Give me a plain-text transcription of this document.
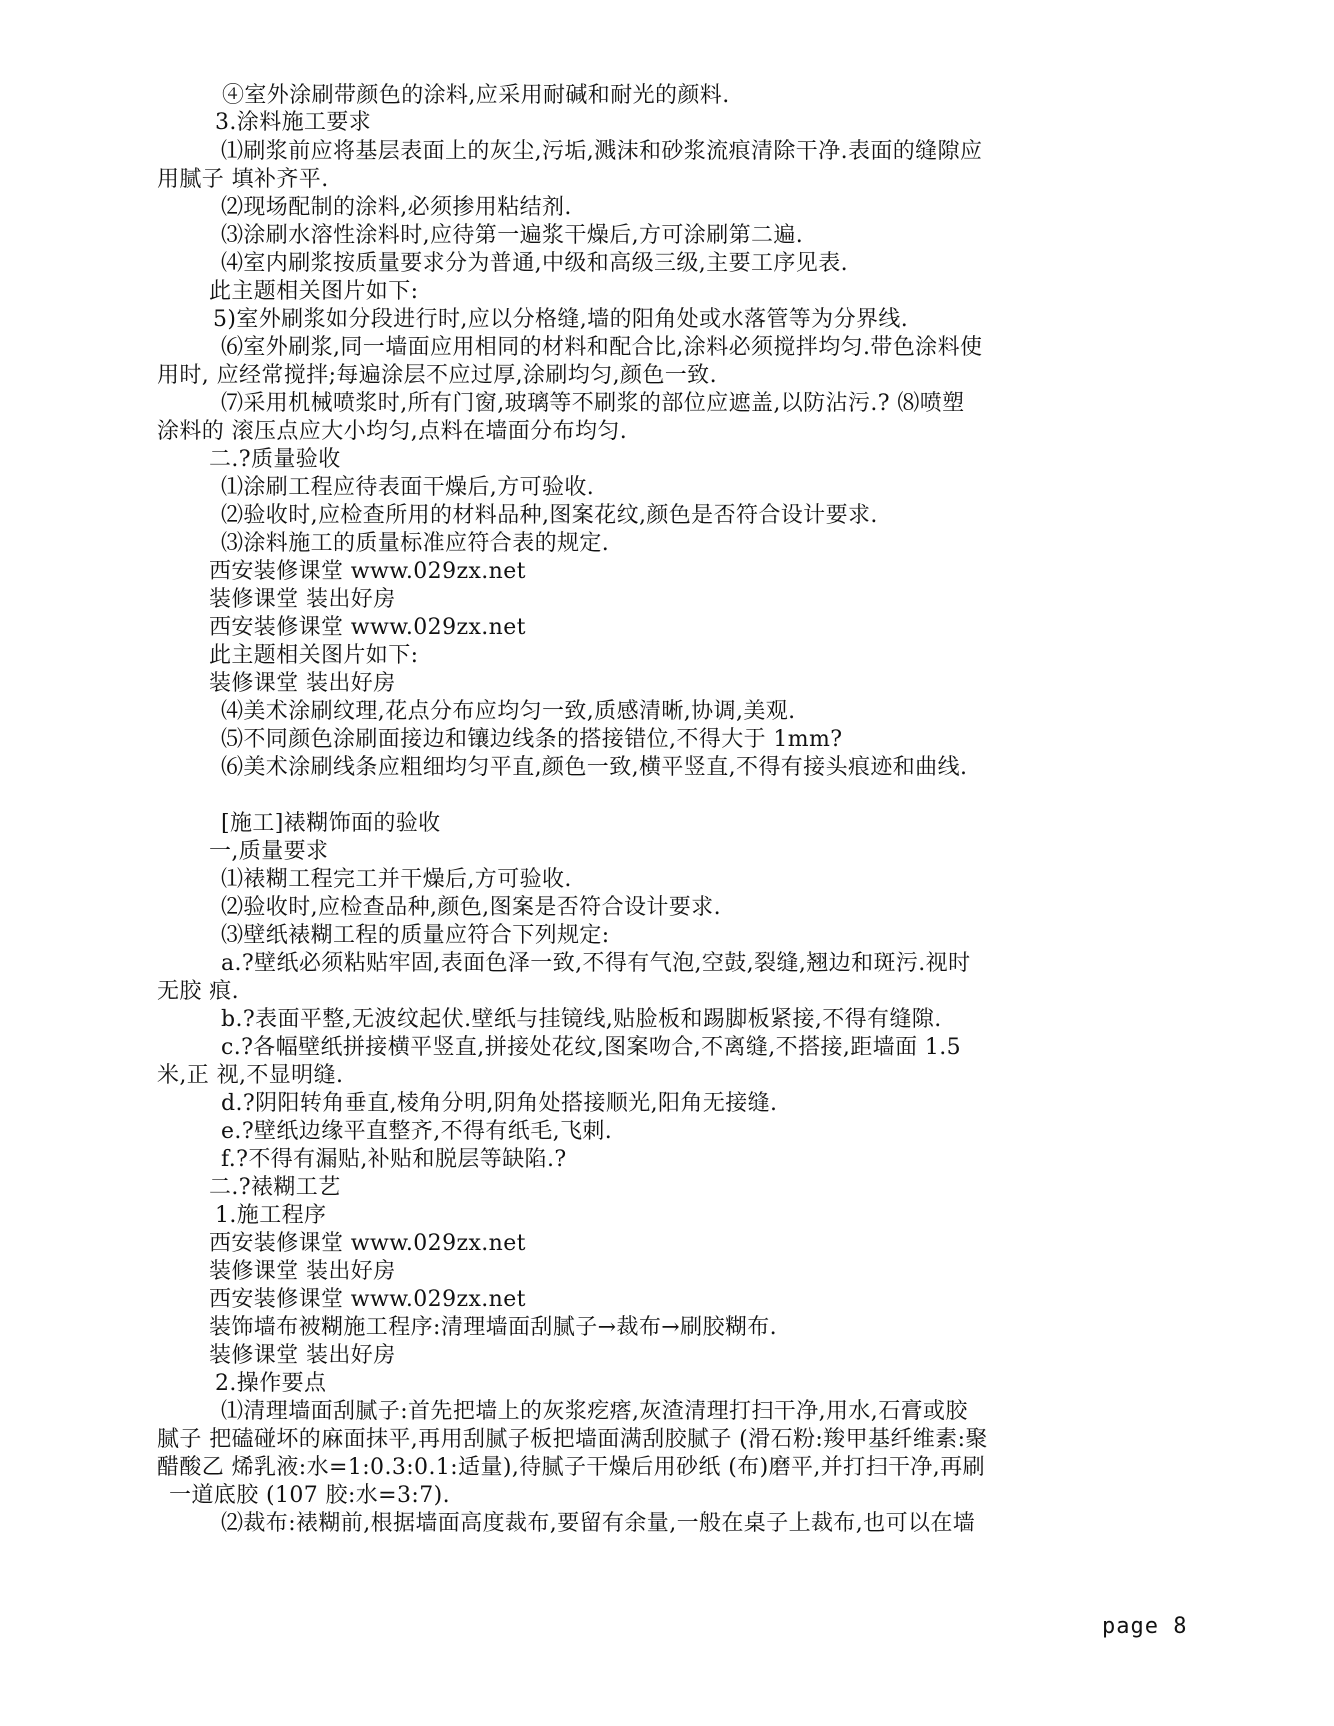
④室外涂刷带颜色的涂料,应采用耐碱和耐光的颜料.
3.涂料施工要求
⑴刷浆前应将基层表面上的灰尘,污垢,溅沫和砂浆流痕清除干净.表面的缝隙应
用腻子 填补齐平.
⑵现场配制的涂料,必须掺用粘结剂.
⑶涂刷水溶性涂料时,应待第一遍浆干燥后,方可涂刷第二遍.
⑷室内刷浆按质量要求分为普通,中级和高级三级,主要工序见表.
此主题相关图片如下:
5)室外刷浆如分段进行时,应以分格缝,墙的阳角处或水落管等为分界线.
⑹室外刷浆,同一墙面应用相同的材料和配合比,涂料必须搅拌均匀.带色涂料使
用时, 应经常搅拌;每遍涂层不应过厚,涂刷均匀,颜色一致.
⑺采用机械喷浆时,所有门窗,玻璃等不刷浆的部位应遮盖,以防沾污.? ⑻喷塑
涂料的 滚压点应大小均匀,点料在墙面分布均匀.
二.?质量验收
⑴涂刷工程应待表面干燥后,方可验收.
⑵验收时,应检查所用的材料品种,图案花纹,颜色是否符合设计要求.
⑶涂料施工的质量标准应符合表的规定.
西安装修课堂 www.029zx.net
装修课堂 装出好房
西安装修课堂 www.029zx.net
此主题相关图片如下:
装修课堂 装出好房
⑷美术涂刷纹理,花点分布应均匀一致,质感清晰,协调,美观.
⑸不同颜色涂刷面接边和镶边线条的搭接错位,不得大于 1mm?
⑹美术涂刷线条应粗细均匀平直,颜色一致,横平竖直,不得有接头痕迹和曲线.
[施工]裱糊饰面的验收
一,质量要求
⑴裱糊工程完工并干燥后,方可验收.
⑵验收时,应检查品种,颜色,图案是否符合设计要求.
⑶壁纸裱糊工程的质量应符合下列规定:
a.?壁纸必须粘贴牢固,表面色泽一致,不得有气泡,空鼓,裂缝,翘边和斑污.视时
无胶 痕.
b.?表面平整,无波纹起伏.壁纸与挂镜线,贴脸板和踢脚板紧接,不得有缝隙.
c.?各幅壁纸拼接横平竖直,拼接处花纹,图案吻合,不离缝,不搭接,距墙面 1.5
米,正 视,不显明缝.
d.?阴阳转角垂直,棱角分明,阴角处搭接顺光,阳角无接缝.
e.?壁纸边缘平直整齐,不得有纸毛,飞刺.
f.?不得有漏贴,补贴和脱层等缺陷.?
二.?裱糊工艺
1.施工程序
西安装修课堂 www.029zx.net
装修课堂 装出好房
西安装修课堂 www.029zx.net
装饰墙布被糊施工程序:清理墙面刮腻子→裁布→刷胶糊布.
装修课堂 装出好房
2.操作要点
⑴清理墙面刮腻子:首先把墙上的灰浆疙瘩,灰渣清理打扫干净,用水,石膏或胶
腻子 把磕碰坏的麻面抹平,再用刮腻子板把墙面满刮胶腻子 (滑石粉:羧甲基纤维素:聚
醋酸乙 烯乳液:水=1:0.3:0.1:适量),待腻子干燥后用砂纸 (布)磨平,并打扫干净,再刷
一道底胶 (107 胶:水=3:7).
⑵裁布:裱糊前,根据墙面高度裁布,要留有余量,一般在桌子上裁布,也可以在墙
page 8
